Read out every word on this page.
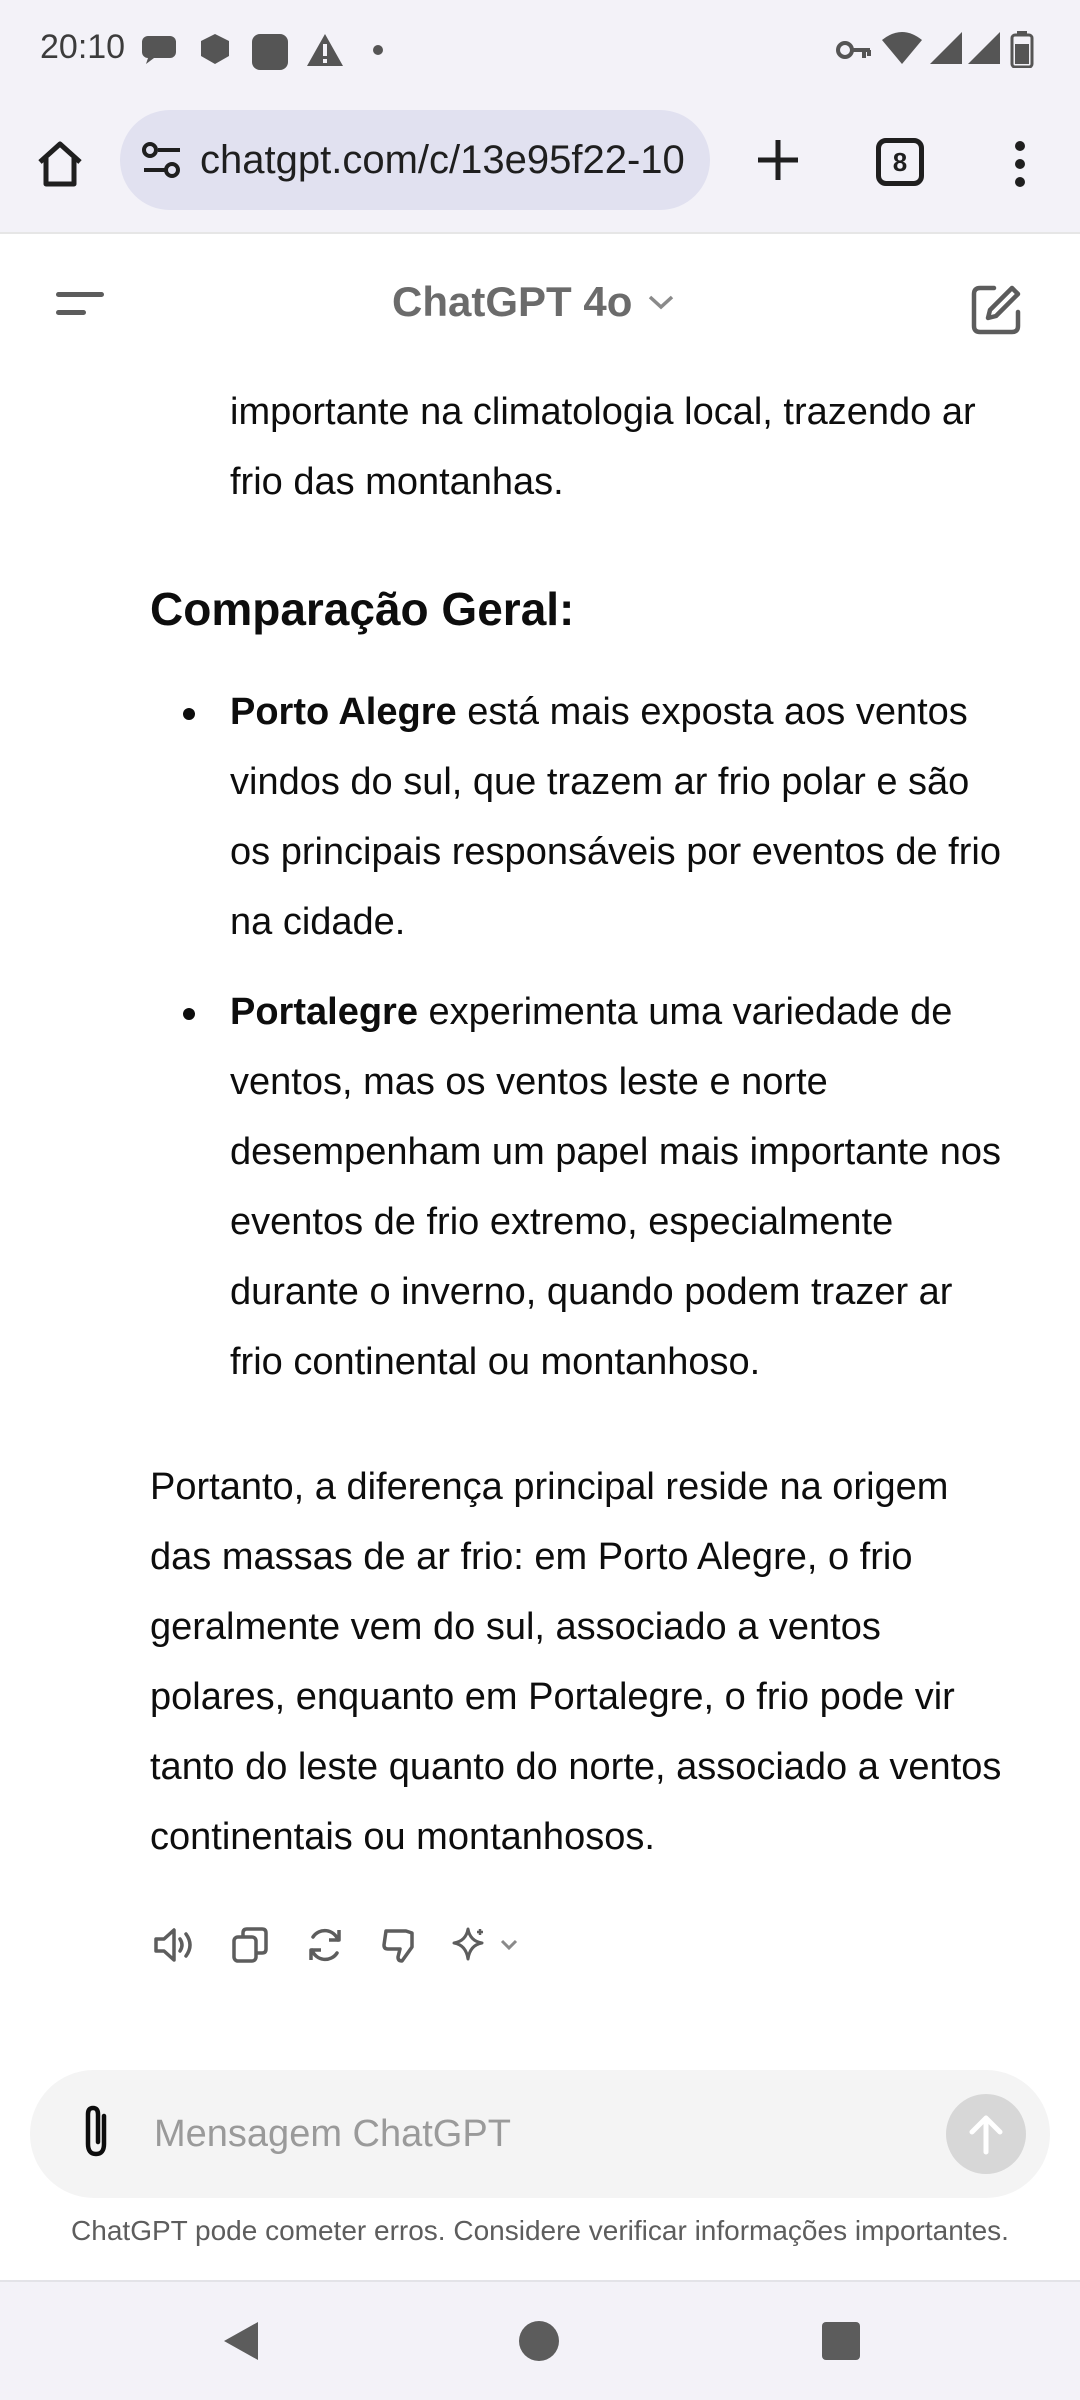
20:10
chatgpt.com/c/13e95f22-10	8
ChatGPT 4o
importante na climatologia local, trazendo ar
frio das montanhas.
Comparação Geral:
Porto Alegre está mais exposta aos ventos
vindos do sul, que trazem ar frio polar e são
os principais responsáveis por eventos de frio
na cidade.
Portalegre experimenta uma variedade de
ventos, mas os ventos leste e norte
desempenham um papel mais importante nos
eventos de frio extremo, especialmente
durante o inverno, quando podem trazer ar
frio continental ou montanhoso.
Portanto, a diferença principal reside na origem
das massas de ar frio: em Porto Alegre, o frio
geralmente vem do sul, associado a ventos
polares, enquanto em Portalegre, o frio pode vir
tanto do leste quanto do norte, associado a ventos
continentais ou montanhosos.
Mensagem ChatGPT
ChatGPT pode cometer erros. Considere verificar informações importantes.
